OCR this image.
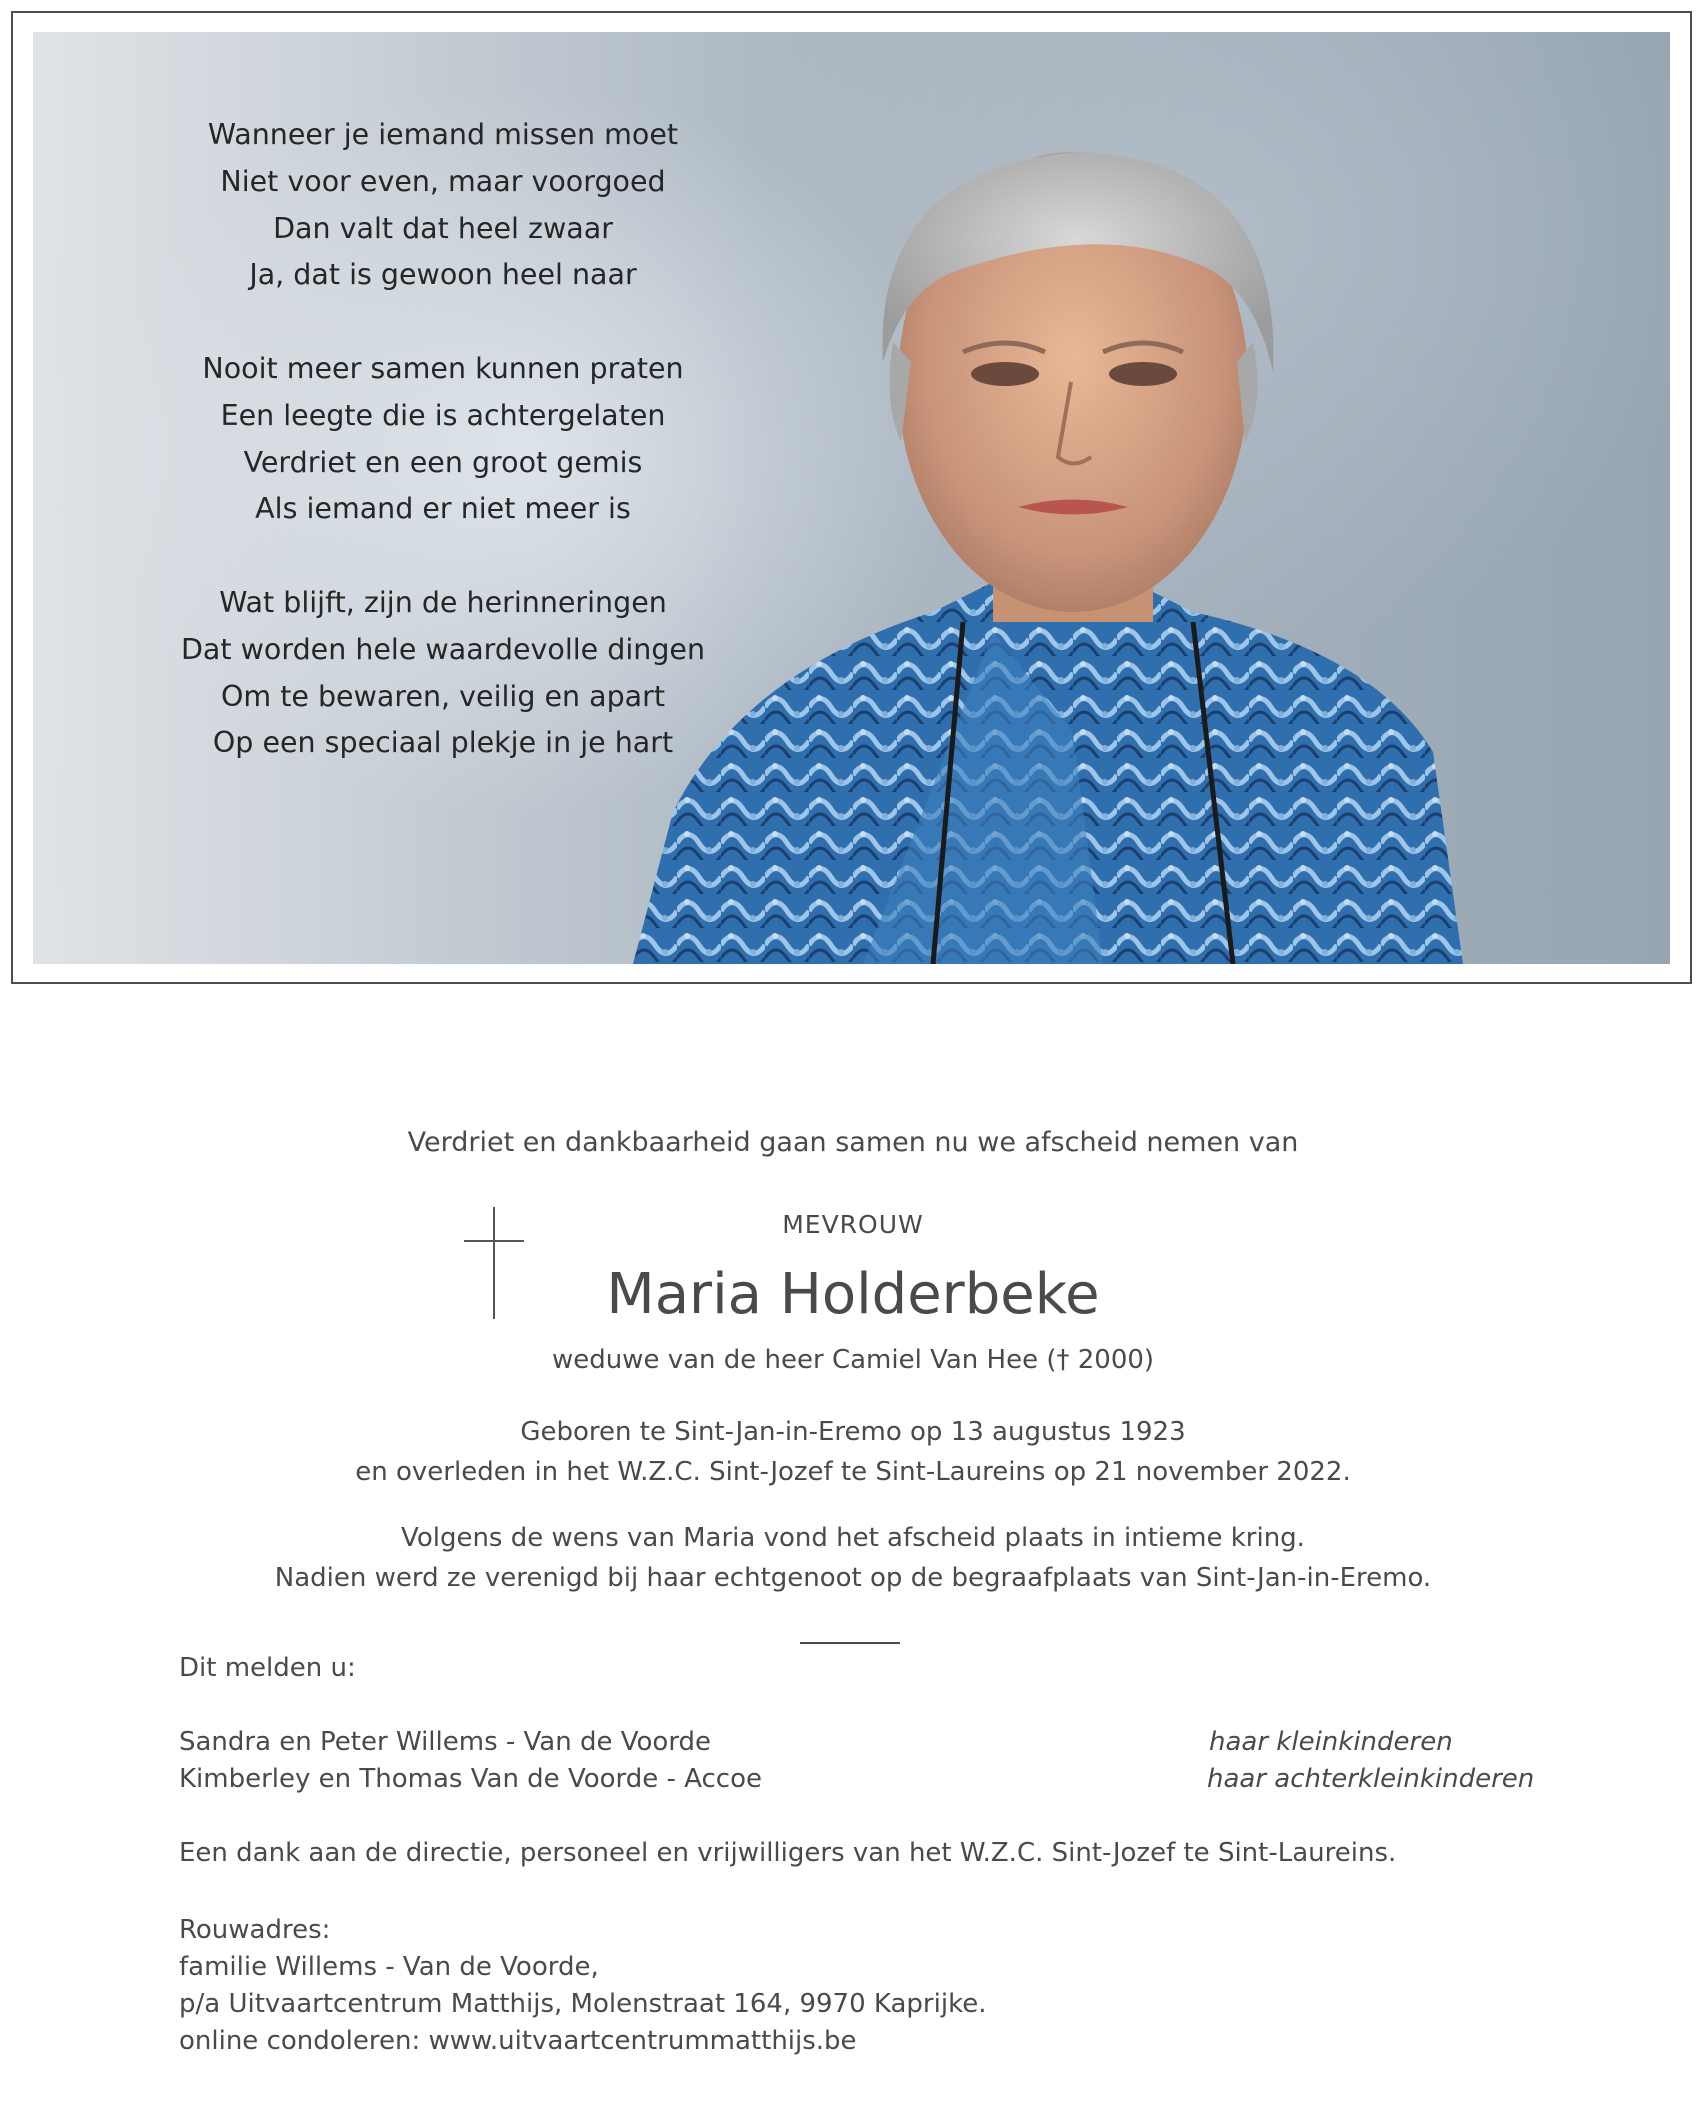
Wanneer je iemand missen moet
Niet voor even, maar voorgoed
Dan valt dat heel zwaar
Ja, dat is gewoon heel naar
Nooit meer samen kunnen praten
Een leegte die is achtergelaten
Verdriet en een groot gemis
Als iemand er niet meer is
Wat blijft, zijn de herinneringen
Dat worden hele waardevolle dingen
Om te bewaren, veilig en apart
Op een speciaal plekje in je hart
Verdriet en dankbaarheid gaan samen nu we afscheid nemen van
MEVROUW
Maria Holderbeke
weduwe van de heer Camiel Van Hee († 2000)
Geboren te Sint-Jan-in-Eremo op 13 augustus 1923
en overleden in het W.Z.C. Sint-Jozef te Sint-Laureins op 21 november 2022.
Volgens de wens van Maria vond het afscheid plaats in intieme kring.
Nadien werd ze verenigd bij haar echtgenoot op de begraafplaats van Sint-Jan-in-Eremo.
Dit melden u:
Sandra en Peter Willems - Van de Voorde	haar kleinkinderen
Kimberley en Thomas Van de Voorde - Accoe	haar achterkleinkinderen
Een dank aan de directie, personeel en vrijwilligers van het W.Z.C. Sint-Jozef te Sint-Laureins.
Rouwadres:
familie Willems - Van de Voorde,
p/a Uitvaartcentrum Matthijs, Molenstraat 164, 9970 Kaprijke.
online condoleren: www.uitvaartcentrummatthijs.be
